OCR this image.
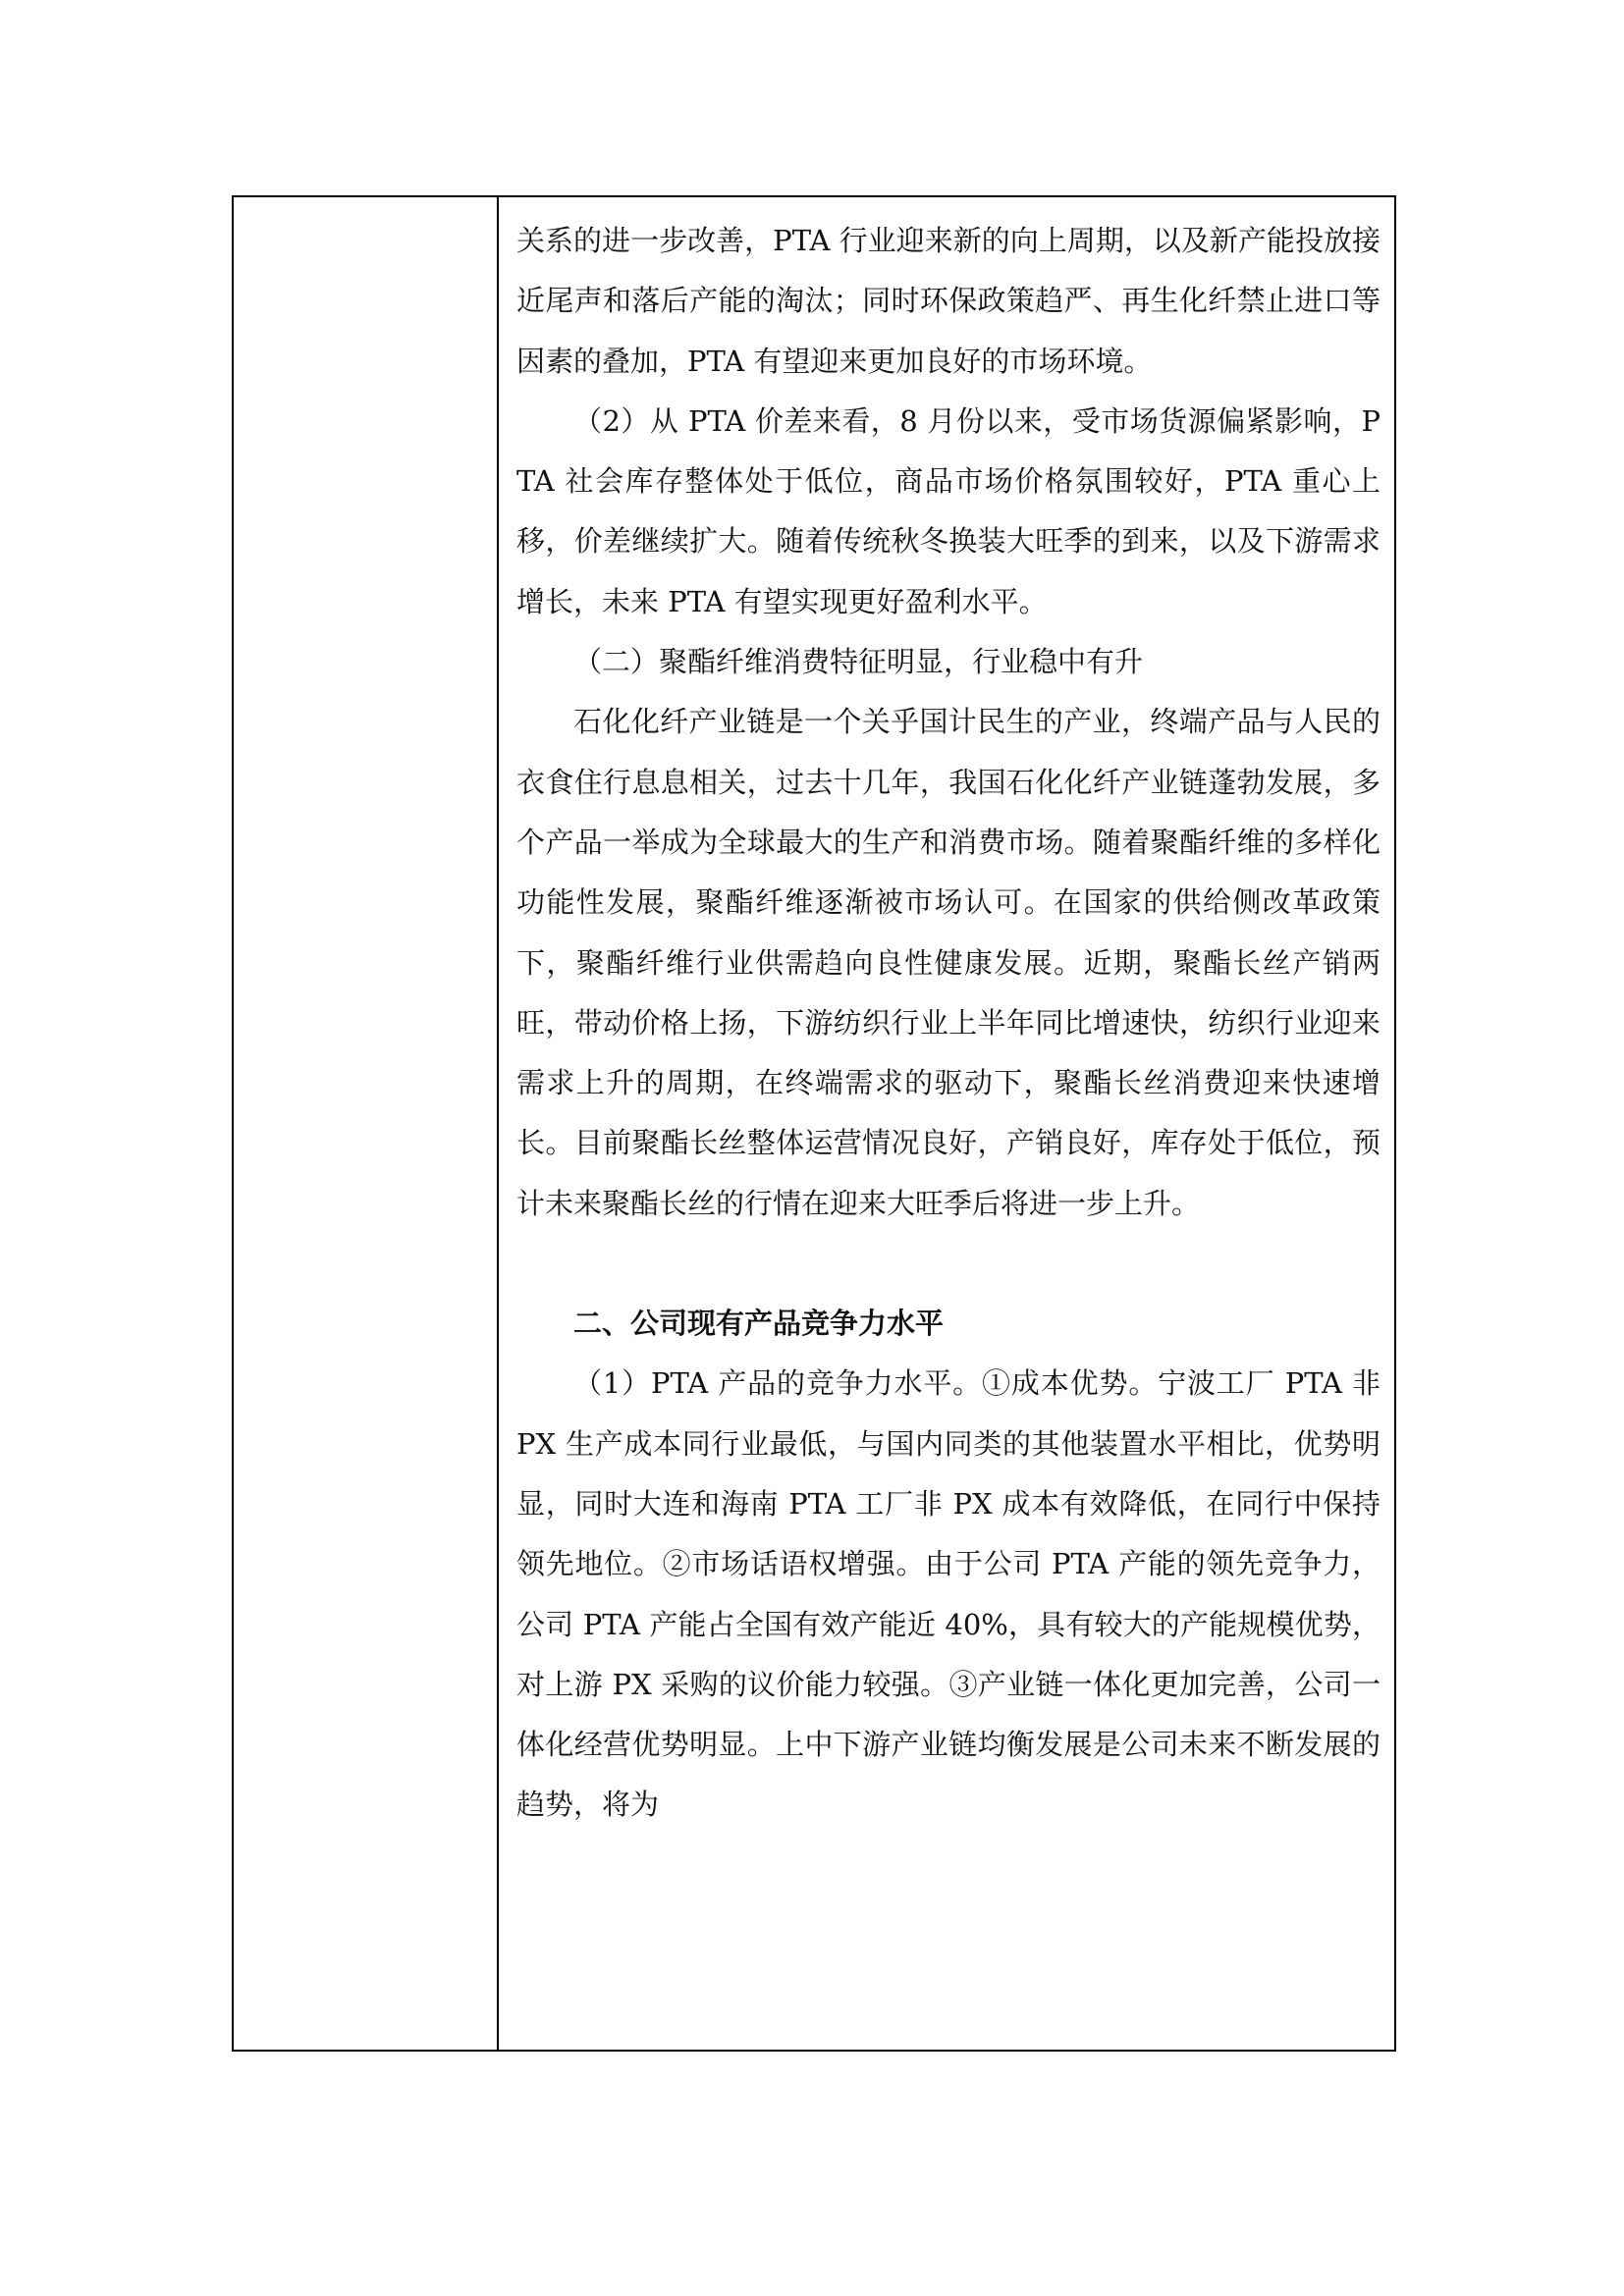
关系的进一步改善，PTA 行业迎来新的向上周期，以及新产能投放接近尾声和落后产能的淘汰；同时环保政策趋严、再生化纤禁止进口等因素的叠加，PTA 有望迎来更加良好的市场环境。

（2）从 PTA 价差来看，8 月份以来，受市场货源偏紧影响，PTA 社会库存整体处于低位，商品市场价格氛围较好，PTA 重心上移，价差继续扩大。随着传统秋冬换装大旺季的到来，以及下游需求增长，未来 PTA 有望实现更好盈利水平。

（二）聚酯纤维消费特征明显，行业稳中有升

石化化纤产业链是一个关乎国计民生的产业，终端产品与人民的衣食住行息息相关，过去十几年，我国石化化纤产业链蓬勃发展，多个产品一举成为全球最大的生产和消费市场。随着聚酯纤维的多样化功能性发展，聚酯纤维逐渐被市场认可。在国家的供给侧改革政策下，聚酯纤维行业供需趋向良性健康发展。近期，聚酯长丝产销两旺，带动价格上扬，下游纺织行业上半年同比增速快，纺织行业迎来需求上升的周期，在终端需求的驱动下，聚酯长丝消费迎来快速增长。目前聚酯长丝整体运营情况良好，产销良好，库存处于低位，预计未来聚酯长丝的行情在迎来大旺季后将进一步上升。

二、公司现有产品竞争力水平

（1）PTA 产品的竞争力水平。①成本优势。宁波工厂 PTA 非 PX 生产成本同行业最低，与国内同类的其他装置水平相比，优势明显，同时大连和海南 PTA 工厂非 PX 成本有效降低，在同行中保持领先地位。②市场话语权增强。由于公司 PTA 产能的领先竞争力，公司 PTA 产能占全国有效产能近 40%，具有较大的产能规模优势，对上游 PX 采购的议价能力较强。③产业链一体化更加完善，公司一体化经营优势明显。上中下游产业链均衡发展是公司未来不断发展的趋势，将为
